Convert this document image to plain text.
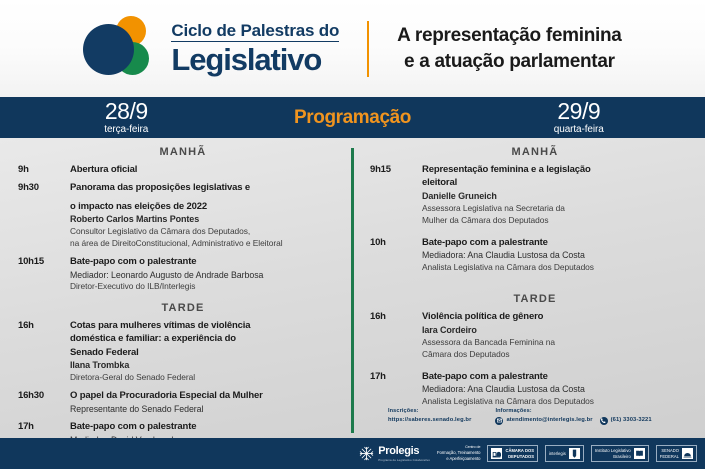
Ciclo de Palestras do
Legislativo
A representação feminina
e a atuação parlamentar
28/9
terça-feira
Programação	29/9
quarta-feira
MANHÃ
9h	Abertura oficial
9h30	Panorama das proposições legislativas e
o impacto nas eleições de 2022
Roberto Carlos Martins Pontes
Consultor Legislativo da Câmara dos Deputados,
na área de DireitoConstitucional, Administrativo e Eleitoral
10h15	Bate-papo com o palestrante
Mediador: Leonardo Augusto de Andrade Barbosa
Diretor-Executivo do ILB/Interlegis
TARDE
16h	Cotas para mulheres vítimas de violência
doméstica e familiar: a experiência do
Senado Federal
Ilana Trombka
Diretora-Geral do Senado Federal
16h30	O papel da Procuradoria Especial da Mulher
Representante do Senado Federal
17h	Bate-papo com o palestrante
MANHÃ
9h15	Representação feminina e a legislação
eleitoral
Danielle Gruneich
Assessora Legislativa na Secretaria da
Mulher da Câmara dos Deputados
10h	Bate-papo com a palestrante
Mediadora: Ana Claudia Lustosa da Costa
Analista Legislativa na Câmara dos Deputados
TARDE
16h	Violência política de gênero
Iara Cordeiro
Assessora da Bancada Feminina na
Câmara dos Deputados
17h	Bate-papo com a palestrante
Mediadora: Ana Claudia Lustosa da Costa
Analista Legislativa na Câmara dos Deputados
Inscrições:
https://saberes.senado.leg.br
Informações:
atendimento@interlegis.leg.br	(61) 3303-3221
Prolegis
Programa de Legislativo Colaborativo
Centro de
Formação, Treinamento
e Aperfeiçoamento
CÂMARA DOS
DEPUTADOS
interlegis
Instituto Legislativo
Brasileiro
SENADO
FEDERAL
